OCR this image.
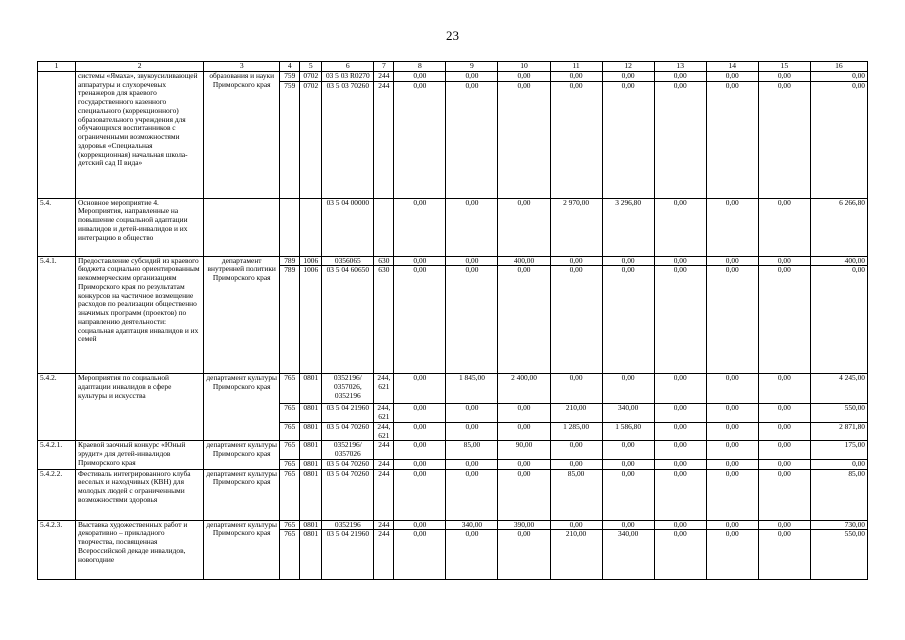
23
1	2	3	4	5	6	7	8	9	10	11	12	13	14	15	16
	системы «Ямаха», звукоусиливающей аппаратуры и слухоречевых тренажеров для краевого государственного казенного специального (коррекционного) образовательного учреждения для обучающихся воспитанников с ограниченными возможностями здоровья «Специальная (коррекционная) начальная школа-детский сад II вида»	образования и науки Приморского края	759	0702	03 5 03 R0270	244	0,00	0,00	0,00	0,00	0,00	0,00	0,00	0,00	0,00
			759	0702	03 5 03 70260	244	0,00	0,00	0,00	0,00	0,00	0,00	0,00	0,00	0,00
5.4.	Основное мероприятие 4. Мероприятия, направленные на повышение социальной адаптации инвалидов и детей-инвалидов и их интеграцию в общество				03 5 04 00000		0,00	0,00	0,00	2 970,00	3 296,80	0,00	0,00	0,00	6 266,80
5.4.1.	Предоставление субсидий из краевого бюджета социально ориентированным некоммерческим организациям Приморского края по результатам конкурсов на частичное возмещение расходов по реализации общественно значимых программ (проектов) по направлению деятельности: социальная адаптация инвалидов и их семей	департамент внутренней политики Приморского края	789	1006	0356065	630	0,00	0,00	400,00	0,00	0,00	0,00	0,00	0,00	400,00
			789	1006	03 5 04 60650	630	0,00	0,00	0,00	0,00	0,00	0,00	0,00	0,00	0,00
5.4.2.	Мероприятия по социальной адаптации инвалидов в сфере культуры и искусства	департамент культуры Приморского края	765	0801	0352196/ 0357026, 0352196	244, 621	0,00	1 845,00	2 400,00	0,00	0,00	0,00	0,00	0,00	4 245,00
			765	0801	03 5 04 21960	244, 621	0,00	0,00	0,00	210,00	340,00	0,00	0,00	0,00	550,00
			765	0801	03 5 04 70260	244, 621	0,00	0,00	0,00	1 285,00	1 586,80	0,00	0,00	0,00	2 871,80
5.4.2.1.	Краевой заочный конкурс «Юный эрудит» для детей-инвалидов Приморского края	департамент культуры Приморского края	765	0801	0352196/ 0357026	244	0,00	85,00	90,00	0,00	0,00	0,00	0,00	0,00	175,00
			765	0801	03 5 04 70260	244	0,00	0,00	0,00	0,00	0,00	0,00	0,00	0,00	0,00
5.4.2.2.	Фестиваль интегрированного клуба веселых и находчивых (КВН) для молодых людей с ограниченными возможностями здоровья	департамент культуры Приморского края	765	0801	03 5 04 70260	244	0,00	0,00	0,00	85,00	0,00	0,00	0,00	0,00	85,00
5.4.2.3.	Выставка художественных работ и декоративно – прикладного творчества, посвященная Всероссийской декаде инвалидов, новогодние	департамент культуры Приморского края	765	0801	0352196	244	0,00	340,00	390,00	0,00	0,00	0,00	0,00	0,00	730,00
			765	0801	03 5 04 21960	244	0,00	0,00	0,00	210,00	340,00	0,00	0,00	0,00	550,00
